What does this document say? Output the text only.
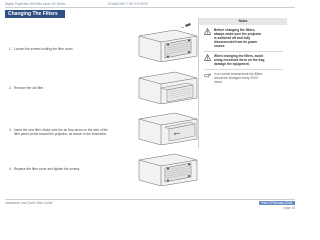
Digital Projection HIGHlite Laser 3D Series	CHANGING THE FILTERS
Changing The Filters
1. Loosen the screws holding the filter cover.
2. Remove the old filter.
3. Insert the new filter. Make sure the air flow arrow on the side of the
filter panel points toward the projector, as shown in the illustration.
4. Replace the filter cover and tighten the screws.
Notes
Before changing the filters,
always make sure the projector
is switched off and fully
disconnected from its power
source.
When changing the filters, avoid
using excessive force on the tray,
damage the equipment.
In a normal environment the filters
should be changed every 2000
hours.
Installation and Quick Start Guide	Rev C February 2015
page 15
